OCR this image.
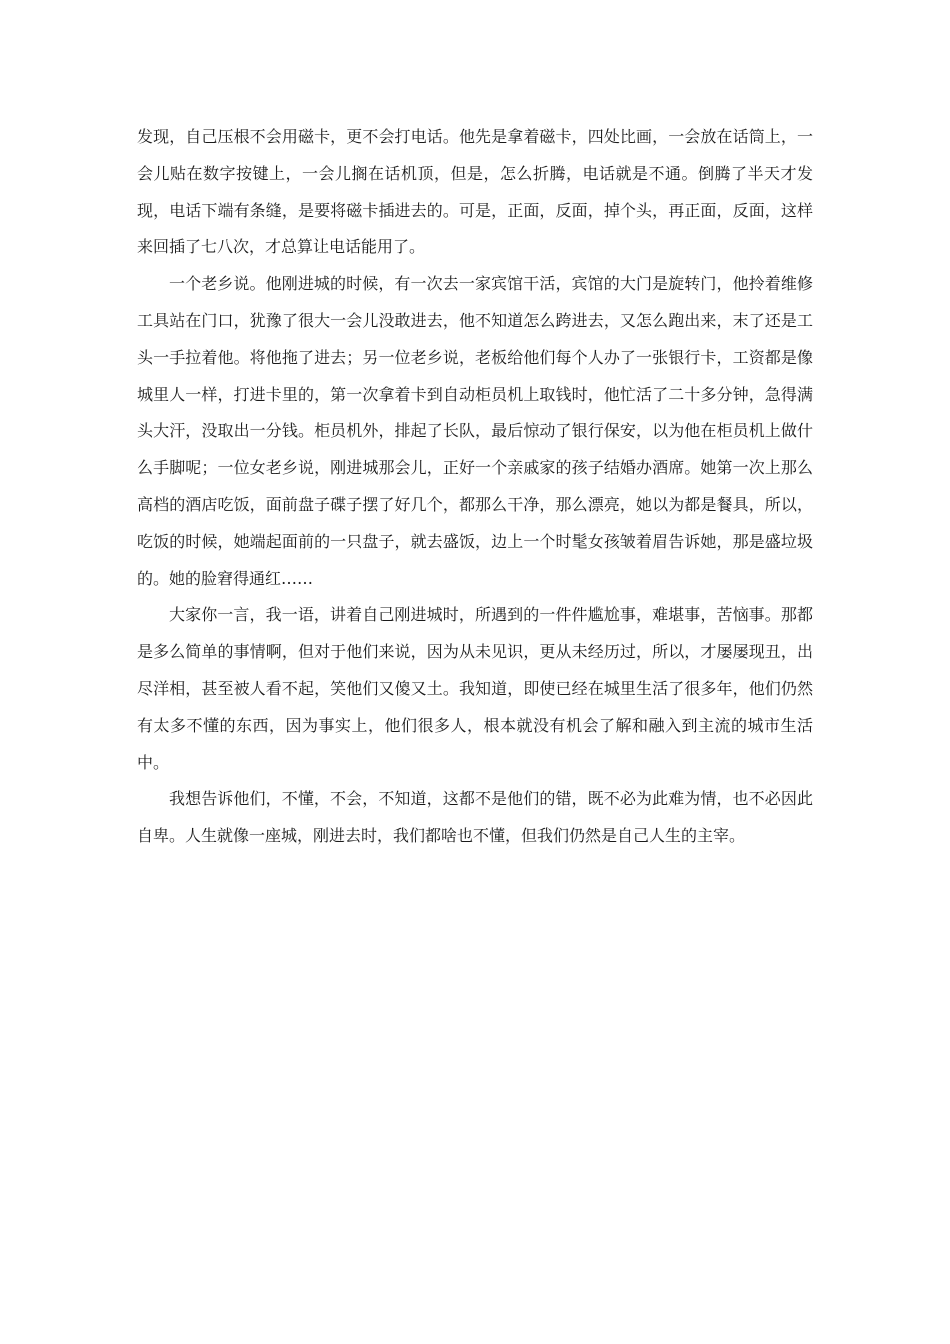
发现，自己压根不会用磁卡，更不会打电话。他先是拿着磁卡，四处比画，一会放在话筒上，一会儿贴在数字按键上，一会儿搁在话机顶，但是，怎么折腾，电话就是不通。倒腾了半天才发现，电话下端有条缝，是要将磁卡插进去的。可是，正面，反面，掉个头，再正面，反面，这样来回插了七八次，才总算让电话能用了。

一个老乡说。他刚进城的时候，有一次去一家宾馆干活，宾馆的大门是旋转门，他拎着维修工具站在门口，犹豫了很大一会儿没敢进去，他不知道怎么跨进去，又怎么跑出来，末了还是工头一手拉着他。将他拖了进去；另一位老乡说，老板给他们每个人办了一张银行卡，工资都是像城里人一样，打进卡里的，第一次拿着卡到自动柜员机上取钱时，他忙活了二十多分钟，急得满头大汗，没取出一分钱。柜员机外，排起了长队，最后惊动了银行保安，以为他在柜员机上做什么手脚呢；一位女老乡说，刚进城那会儿，正好一个亲戚家的孩子结婚办酒席。她第一次上那么高档的酒店吃饭，面前盘子碟子摆了好几个，都那么干净，那么漂亮，她以为都是餐具，所以，吃饭的时候，她端起面前的一只盘子，就去盛饭，边上一个时髦女孩皱着眉告诉她，那是盛垃圾的。她的脸窘得通红……

大家你一言，我一语，讲着自己刚进城时，所遇到的一件件尴尬事，难堪事，苦恼事。那都是多么简单的事情啊，但对于他们来说，因为从未见识，更从未经历过，所以，才屡屡现丑，出尽洋相，甚至被人看不起，笑他们又傻又土。我知道，即使已经在城里生活了很多年，他们仍然有太多不懂的东西，因为事实上，他们很多人，根本就没有机会了解和融入到主流的城市生活中。

我想告诉他们，不懂，不会，不知道，这都不是他们的错，既不必为此难为情，也不必因此自卑。人生就像一座城，刚进去时，我们都啥也不懂，但我们仍然是自己人生的主宰。
